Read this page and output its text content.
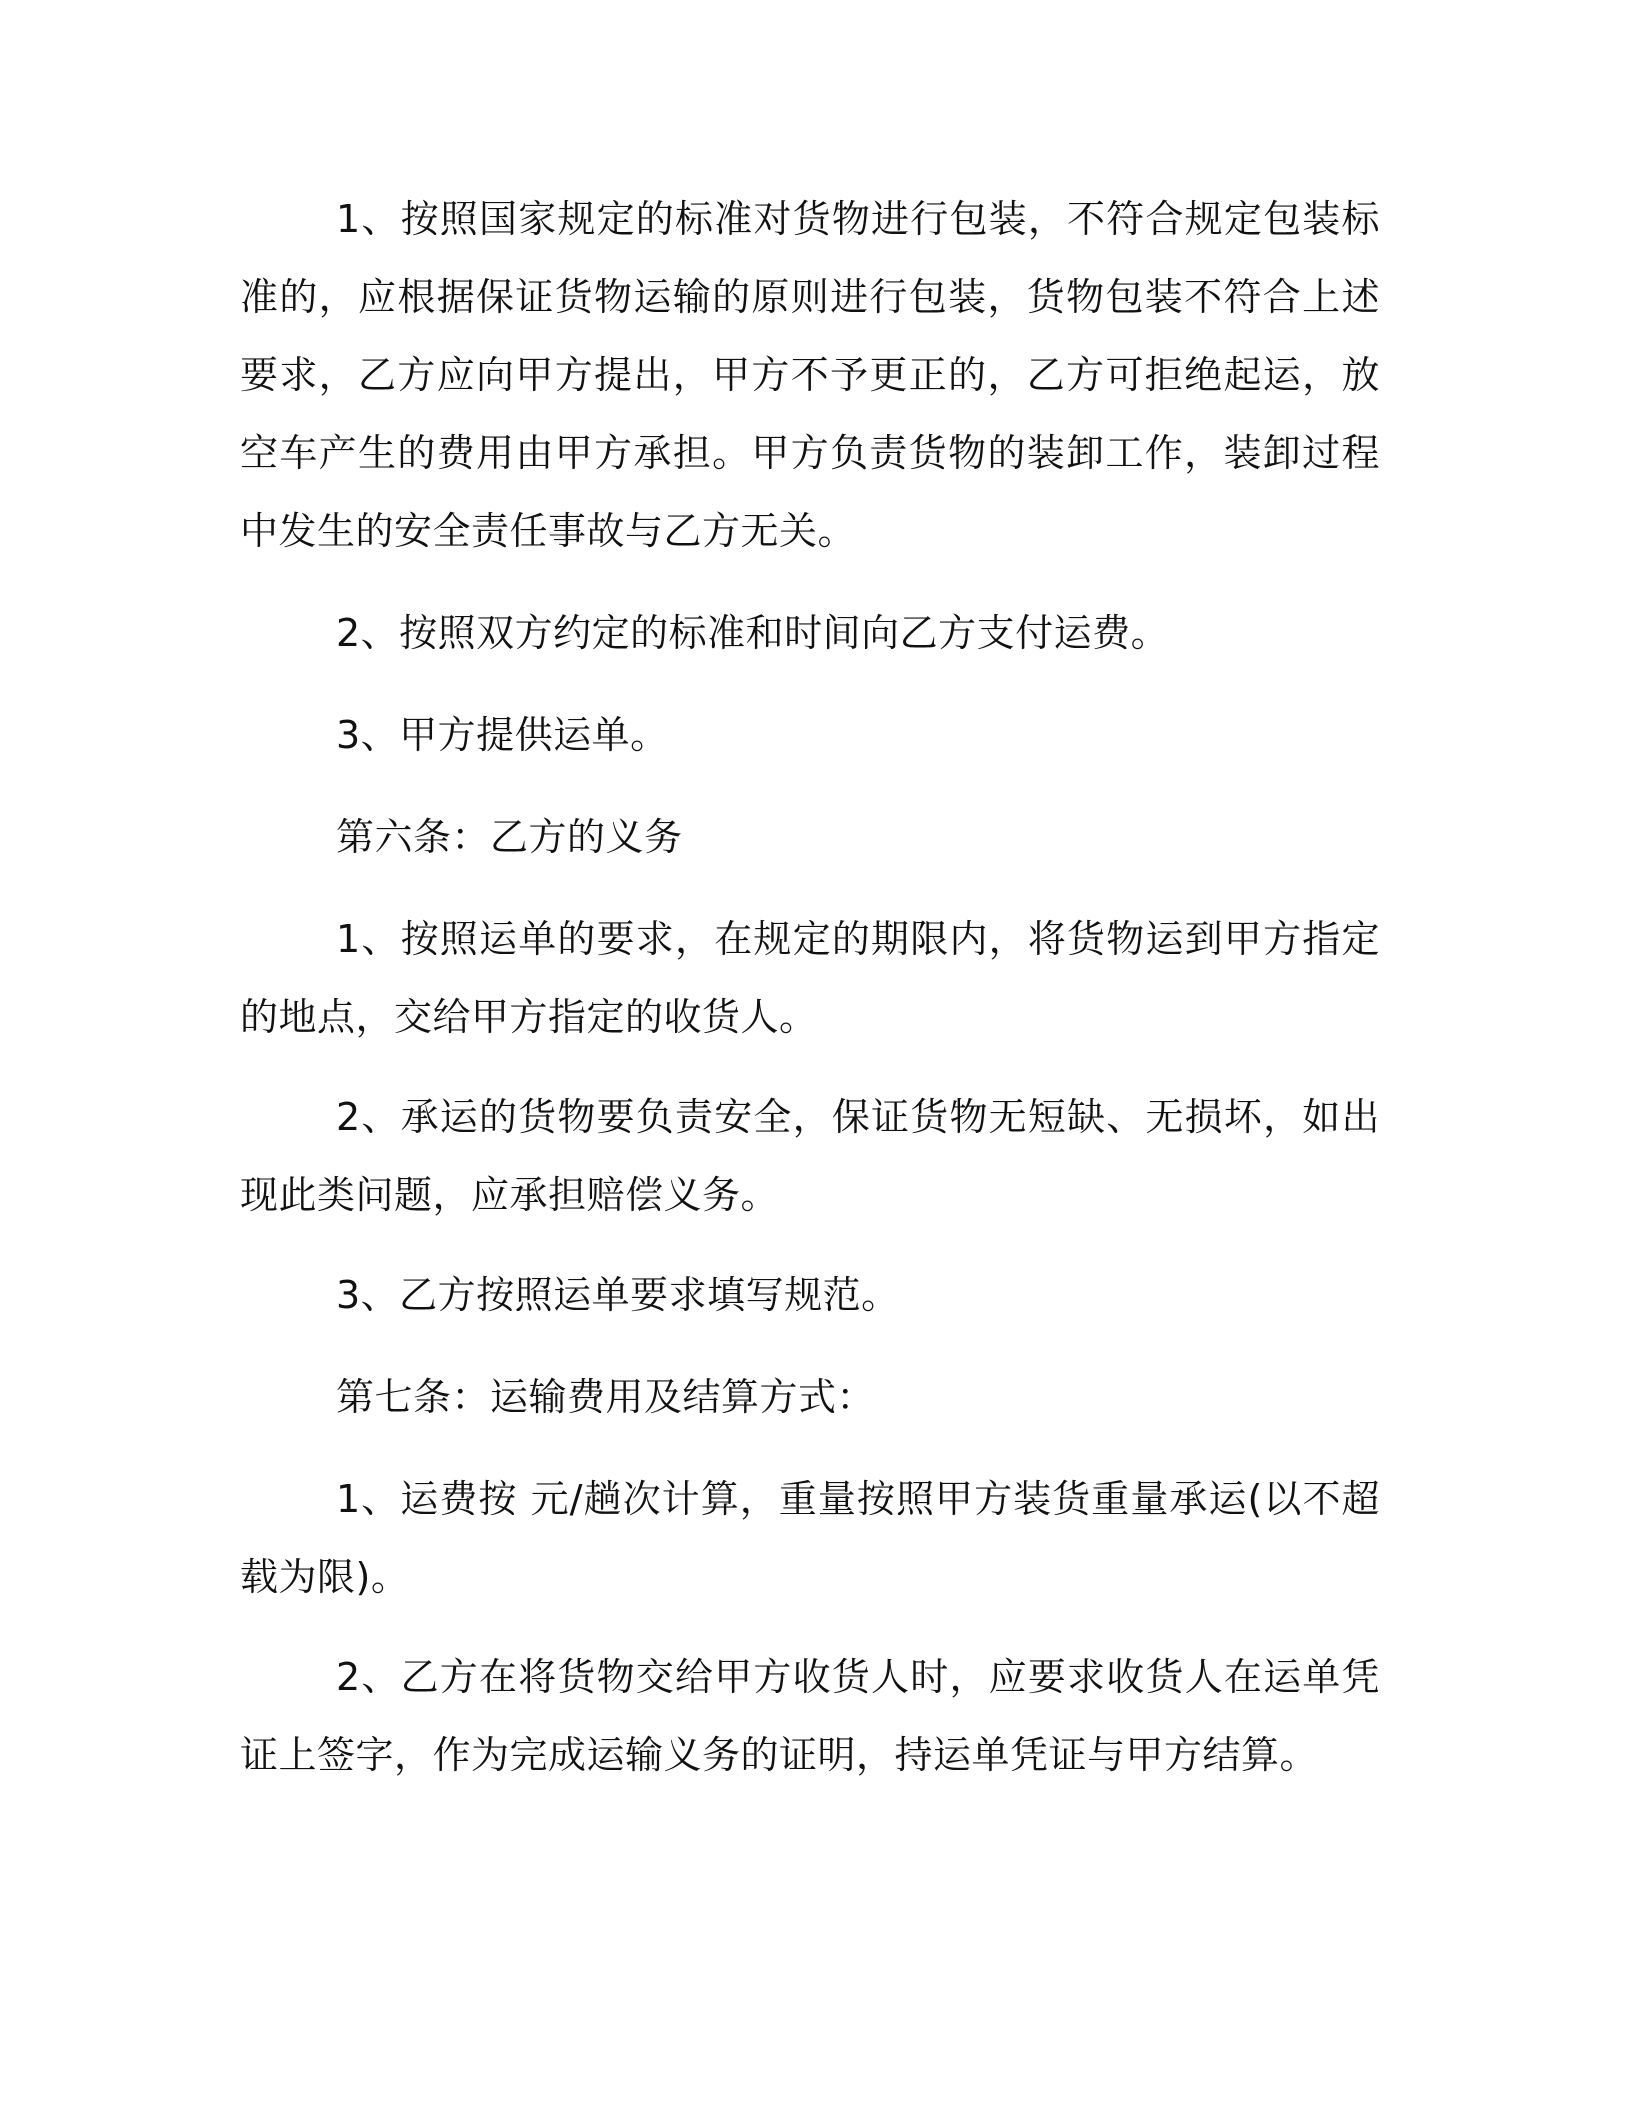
1、按照国家规定的标准对货物进行包装，不符合规定包装标准的，应根据保证货物运输的原则进行包装，货物包装不符合上述要求，乙方应向甲方提出，甲方不予更正的，乙方可拒绝起运，放空车产生的费用由甲方承担。甲方负责货物的装卸工作，装卸过程中发生的安全责任事故与乙方无关。

2、按照双方约定的标准和时间向乙方支付运费。

3、甲方提供运单。

第六条：乙方的义务

1、按照运单的要求，在规定的期限内，将货物运到甲方指定的地点，交给甲方指定的收货人。

2、承运的货物要负责安全，保证货物无短缺、无损坏，如出现此类问题，应承担赔偿义务。

3、乙方按照运单要求填写规范。

第七条：运输费用及结算方式：

1、运费按 元/趟次计算，重量按照甲方装货重量承运(以不超载为限)。

2、乙方在将货物交给甲方收货人时，应要求收货人在运单凭证上签字，作为完成运输义务的证明，持运单凭证与甲方结算。
